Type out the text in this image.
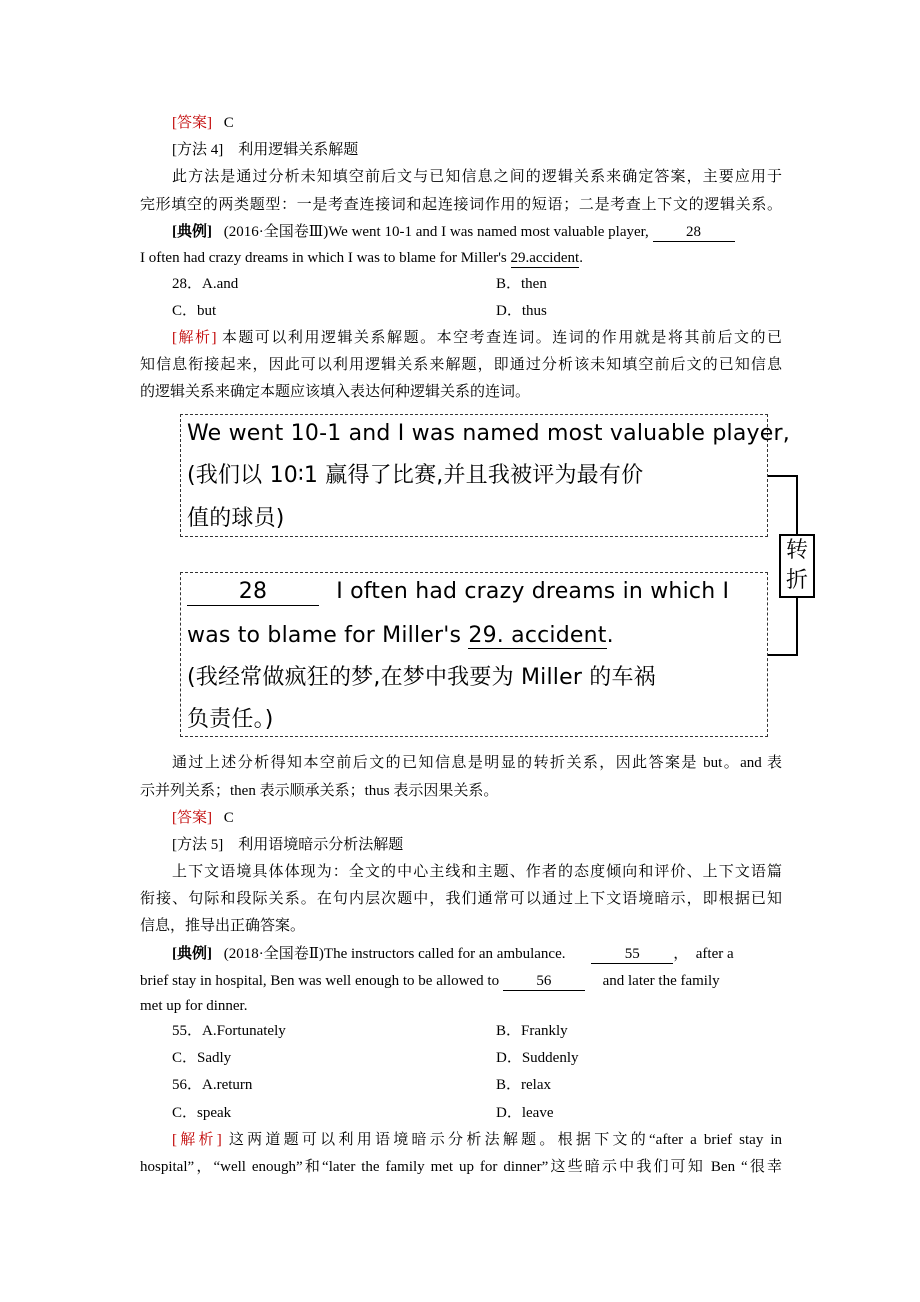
[答案] C
[方法 4]　利用逻辑关系解题
此方法是通过分析未知填空前后文与已知信息之间的逻辑关系来确定答案，主要应用于
完形填空的两类题型：一是考查连接词和起连接词作用的短语；二是考查上下文的逻辑关系。
[典例] (2016·全国卷Ⅲ)We went 10-1 and I was named most valuable player, 28
I often had crazy dreams in which I was to blame for Miller's 29.accident.
28．A.and	B．then
C．but	D．thus
[解析] 本题可以利用逻辑关系解题。本空考查连词。连词的作用就是将其前后文的已
知信息衔接起来，因此可以利用逻辑关系来解题，即通过分析该未知填空前后文的已知信息
的逻辑关系来确定本题应该填入表达何种逻辑关系的连词。
We went 10-1 and I was named most valuable player,
(我们以 10∶1 赢得了比赛,并且我被评为最有价
值的球员)
28	I often had crazy dreams in which I
was to blame for Miller's 29. accident.
(我经常做疯狂的梦,在梦中我要为 Miller 的车祸
负责任。)
转
折
通过上述分析得知本空前后文的已知信息是明显的转折关系，因此答案是 but。and 表
示并列关系；then 表示顺承关系；thus 表示因果关系。
[答案] C
[方法 5]　利用语境暗示分析法解题
上下文语境具体体现为：全文的中心主线和主题、作者的态度倾向和评价、上下文语篇
衔接、句际和段际关系。在句内层次题中，我们通常可以通过上下文语境暗示，即根据已知
信息，推导出正确答案。
[典例] (2018·全国卷Ⅱ)The instructors called for an ambulance.	55 ，　after a
brief stay in hospital, Ben was well enough to be allowed to 56	and later the family
met up for dinner.
55．A.Fortunately	B．Frankly
C．Sadly	D．Suddenly
56．A.return	B．relax
C．speak	D．leave
[解析] 这两道题可以利用语境暗示分析法解题。根据下文的“after a brief stay in
hospital”，“well enough”和“later the family met up for dinner”这些暗示中我们可知 Ben “很幸
